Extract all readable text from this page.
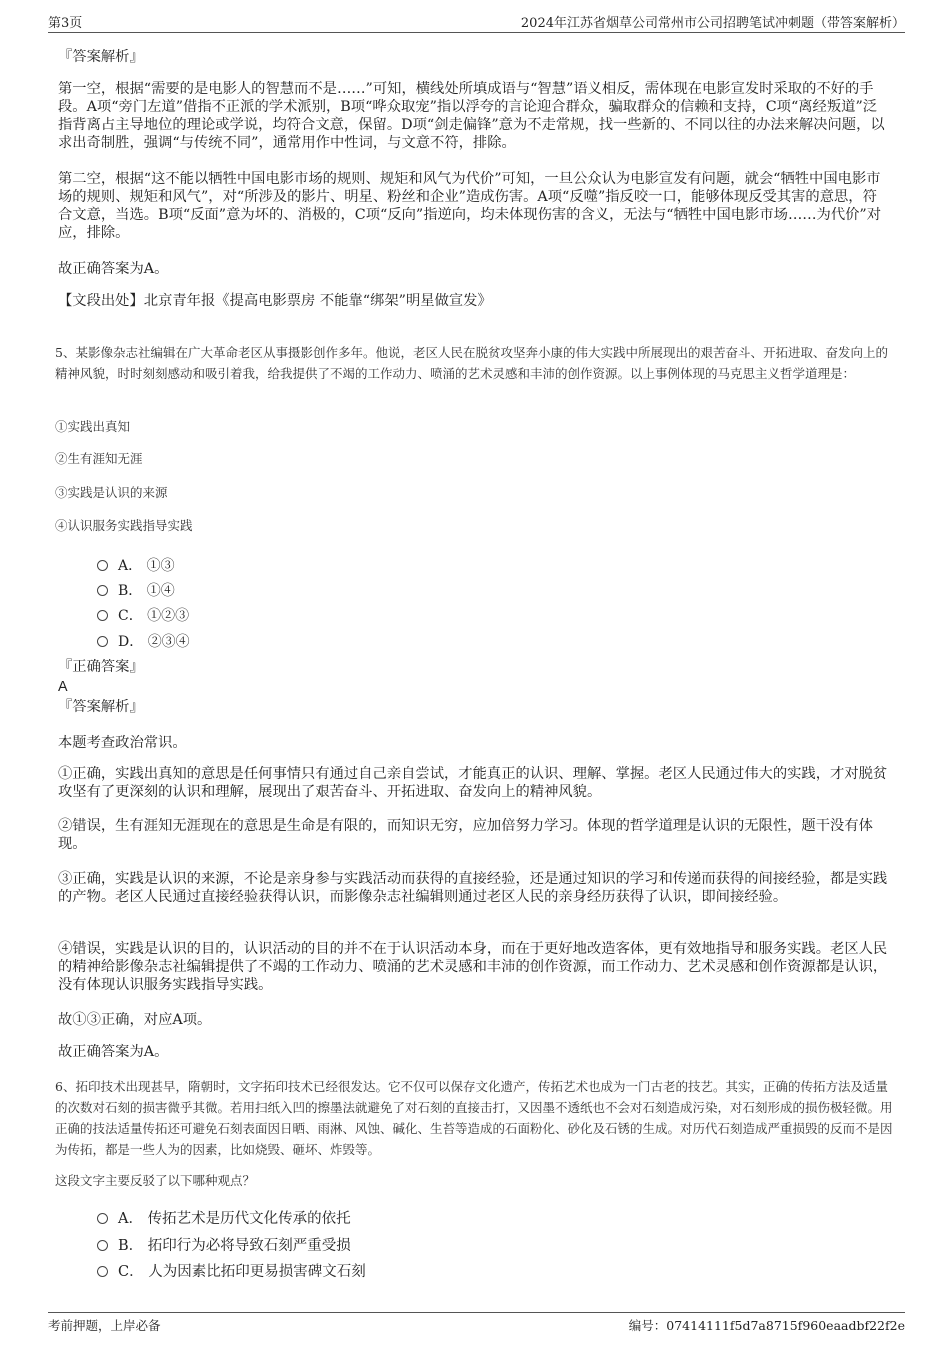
第3页	2024年江苏省烟草公司常州市公司招聘笔试冲刺题（带答案解析）
『答案解析』

第一空，根据“需要的是电影人的智慧而不是……”可知，横线处所填成语与“智慧”语义相反，需体现在电影宣发时采取的不好的手段。A项“旁门左道”借指不正派的学术派别，B项“哗众取宠”指以浮夸的言论迎合群众，骗取群众的信赖和支持，C项“离经叛道”泛指背离占主导地位的理论或学说，均符合文意，保留。D项“剑走偏锋”意为不走常规，找一些新的、不同以往的办法来解决问题，以求出奇制胜，强调“与传统不同”，通常用作中性词，与文意不符，排除。

第二空，根据“这不能以牺牲中国电影市场的规则、规矩和风气为代价”可知，一旦公众认为电影宣发有问题，就会“牺牲中国电影市场的规则、规矩和风气”，对“所涉及的影片、明星、粉丝和企业”造成伤害。A项“反噬”指反咬一口，能够体现反受其害的意思，符合文意，当选。B项“反面”意为坏的、消极的，C项“反向”指逆向，均未体现伤害的含义，无法与“牺牲中国电影市场……为代价”对应，排除。

故正确答案为A。

【文段出处】北京青年报《提高电影票房 不能靠“绑架”明星做宣发》

5、某影像杂志社编辑在广大革命老区从事摄影创作多年。他说，老区人民在脱贫攻坚奔小康的伟大实践中所展现出的艰苦奋斗、开拓进取、奋发向上的精神风貌，时时刻刻感动和吸引着我，给我提供了不竭的工作动力、喷涌的艺术灵感和丰沛的创作资源。以上事例体现的马克思主义哲学道理是：

①实践出真知

②生有涯知无涯

③实践是认识的来源

④认识服务实践指导实践

A． ①③
B． ①④
C． ①②③
D． ②③④
『正确答案』
A
『答案解析』

本题考查政治常识。

①正确，实践出真知的意思是任何事情只有通过自己亲自尝试，才能真正的认识、理解、掌握。老区人民通过伟大的实践，才对脱贫攻坚有了更深刻的认识和理解，展现出了艰苦奋斗、开拓进取、奋发向上的精神风貌。

②错误，生有涯知无涯现在的意思是生命是有限的，而知识无穷，应加倍努力学习。体现的哲学道理是认识的无限性，题干没有体现。

③正确，实践是认识的来源，不论是亲身参与实践活动而获得的直接经验，还是通过知识的学习和传递而获得的间接经验，都是实践的产物。老区人民通过直接经验获得认识，而影像杂志社编辑则通过老区人民的亲身经历获得了认识，即间接经验。

④错误，实践是认识的目的，认识活动的目的并不在于认识活动本身，而在于更好地改造客体，更有效地指导和服务实践。老区人民的精神给影像杂志社编辑提供了不竭的工作动力、喷涌的艺术灵感和丰沛的创作资源，而工作动力、艺术灵感和创作资源都是认识，没有体现认识服务实践指导实践。

故①③正确，对应A项。

故正确答案为A。

6、拓印技术出现甚早，隋朝时，文字拓印技术已经很发达。它不仅可以保存文化遗产，传拓艺术也成为一门古老的技艺。其实，正确的传拓方法及适量的次数对石刻的损害微乎其微。若用扫纸入凹的擦墨法就避免了对石刻的直接击打，又因墨不透纸也不会对石刻造成污染，对石刻形成的损伤极轻微。用正确的技法适量传拓还可避免石刻表面因日晒、雨淋、风蚀、碱化、生苔等造成的石面粉化、砂化及石锈的生成。对历代石刻造成严重损毁的反而不是因为传拓，都是一些人为的因素，比如烧毁、砸坏、炸毁等。

这段文字主要反驳了以下哪种观点？

A． 传拓艺术是历代文化传承的依托
B． 拓印行为必将导致石刻严重受损
C． 人为因素比拓印更易损害碑文石刻
考前押题，上岸必备	编号：07414111f5d7a8715f960eaadbf22f2e
